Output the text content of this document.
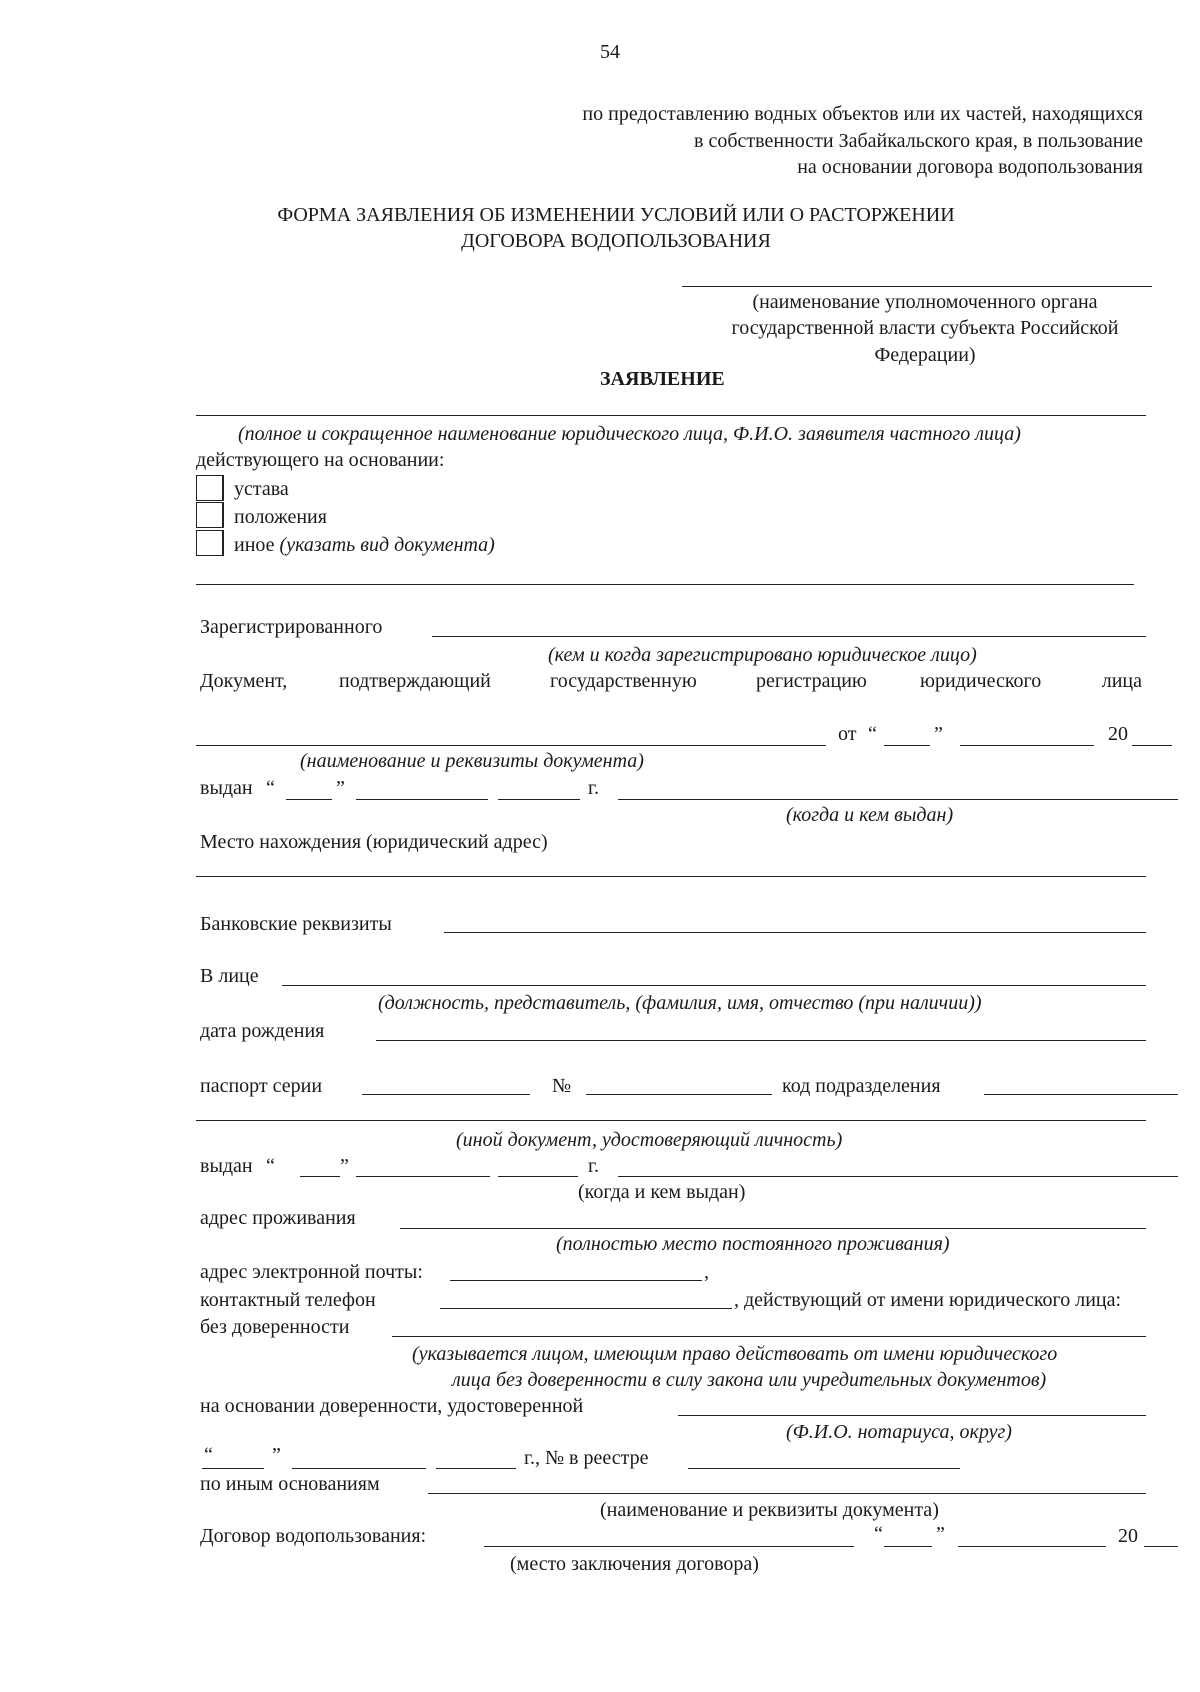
54
по предоставлению водных объектов или их частей, находящихся
в собственности Забайкальского края, в пользование
на основании договора водопользования
ФОРМА ЗАЯВЛЕНИЯ ОБ ИЗМЕНЕНИИ УСЛОВИЙ ИЛИ О РАСТОРЖЕНИИ
ДОГОВОРА ВОДОПОЛЬЗОВАНИЯ
(наименование уполномоченного органа
государственной власти субъекта Российской
Федерации)
ЗАЯВЛЕНИЕ
(полное и сокращенное наименование юридического лица, Ф.И.О. заявителя частного лица)
действующего на основании:
устава
положения
иное (указать вид документа)
Зарегистрированного
(кем и когда зарегистрировано юридическое лицо)
Документ,	подтверждающий	государственную	регистрацию	юридического	лица
от “	”	20
(наименование и реквизиты документа)
выдан “	”	г.
(когда и кем выдан)
Место нахождения (юридический адрес)
Банковские реквизиты
В лице
(должность, представитель, (фамилия, имя, отчество (при наличии))
дата рождения
паспорт серии	№	код подразделения
(иной документ, удостоверяющий личность)
выдан “	”	г.
(когда и кем выдан)
адрес проживания
(полностью место постоянного проживания)
адрес электронной почты:	,
контактный телефон	, действующий от имени юридического лица:
без доверенности
(указывается лицом, имеющим право действовать от имени юридического
лица без доверенности в силу закона или учредительных документов)
на основании доверенности, удостоверенной
(Ф.И.О. нотариуса, округ)
“	”	г., № в реестре
по иным основаниям
(наименование и реквизиты документа)
Договор водопользования:	“	”	20
(место заключения договора)
